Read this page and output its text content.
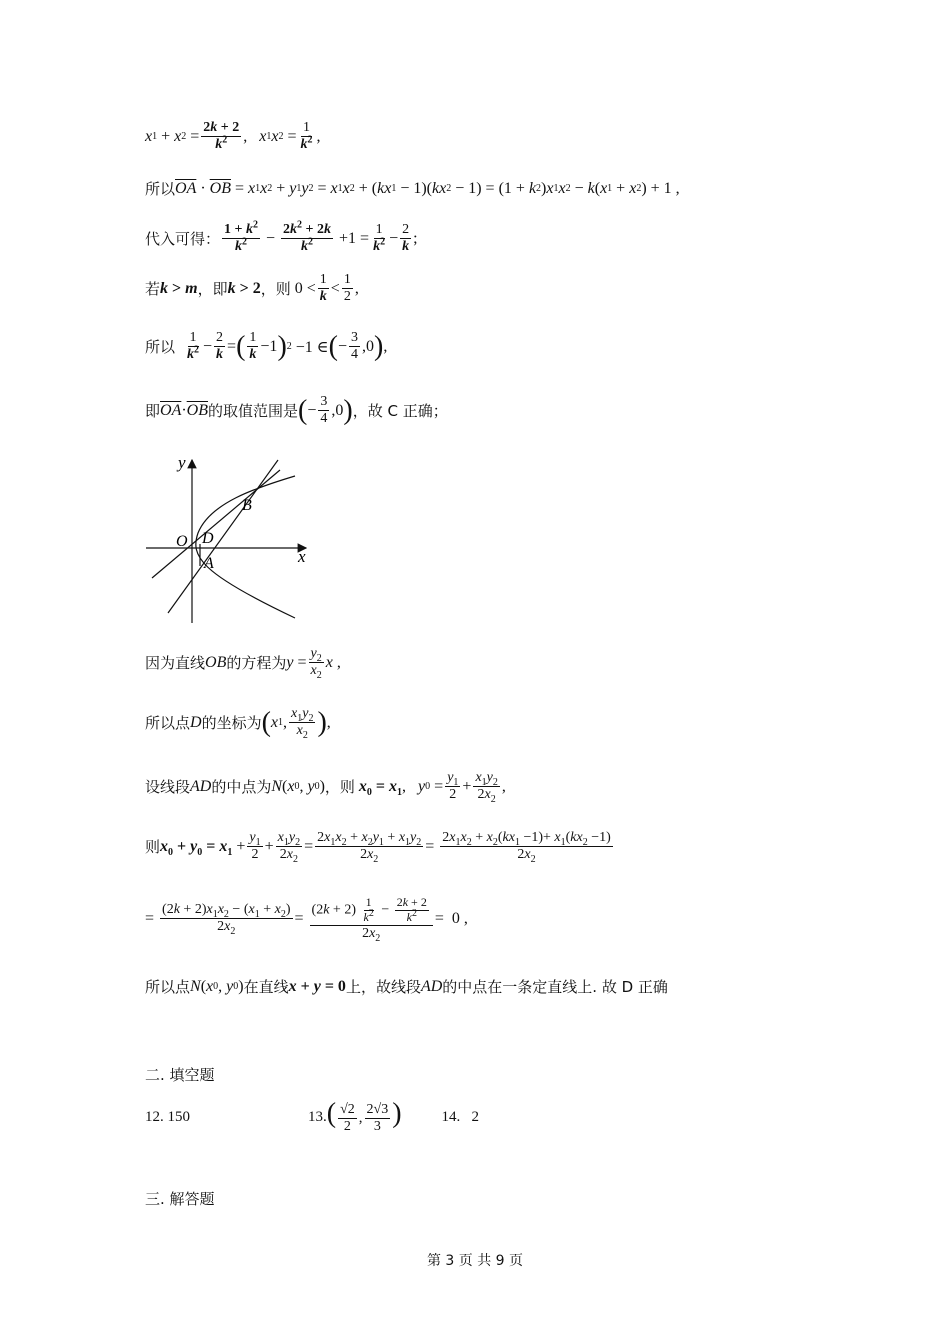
x 1 + x $2 = \frac{2k + 2}{k^2}$ , x 1 x $2 = \frac{1}{k^2}$ ,
所以 $\overline{OA} \cdot \overline{OB} = x$ 1 x 2 + y 1 y 2 = x 1 x 2 + ( kx 1 − 1)( kx 2 − 1) = (1 + k 2 ) x 1 x 2 − k ( x 1 + x 2 ) + 1 ,
代入可得： $\frac{1 + k^2}{k^2} - \frac{2k^2 + 2k}{k^2} +1 = \frac{1}{k^2} - \frac{2}{k}$ ;
若 k > m ，即 k > 2 ，则 $0 < \frac{1}{k} < \frac{1}{2}$ ,
所以
$\frac{1}{k^2} - \frac{2}{k}$ = ( $\frac{1}{k} -1$ ) 2 −1 ∈ ( − $\frac{3}{4} ,0$ ) ,
即 $\overline{OA} \cdot \overline{OB}$ 的取值范围是 ( − $\frac{3}{4} ,0$ ) ，故 C 正确；
y
O D
A
B
x
因为直线 OB 的方程为 $y = \frac{y_2}{x_2}$ x ,
所以点 D 的坐标为 ( x 1 , $\frac{x_1y_2}{x_2}$ ) ,
设线段 AD 的中点为 N ( x 0 , y 0 ) ，则
$x_0 = x_1$ , y $0 = \frac{y_1}{2} + \frac{x_1y_2}{2x_2}$ ,
则 $x_0 + y_0 = x_1 + \frac{y_1}{2} + \frac{x_1y_2}{2x_2} = \frac{2x_1x_2 + x_2y_1 + x_1y_2}{2x_2} = \frac{2x_1x_2 + x_2(kx_1 -1)+ x_1(kx_2 -1)}{2x_2}$
= $\frac{(2k + 2)x_1x_2 - (x_1 + x_2)}{2x_2} = \frac{(2k + 2) \frac{1}{k^2} - \frac{2k + 2}{k^2}}{2x_2} = 0$ ,
所以点 N ( x 0 , y 0 ) 在直线 x + y = 0 上，故线段 AD 的中点在一条定直线上. 故 D 正确
二. 填空题
12.
150	13. ( $\frac{√2}{2}$ , $\frac{2√3}{3}$ )	14.
2
三. 解答题
第 3 页 共 9 页
